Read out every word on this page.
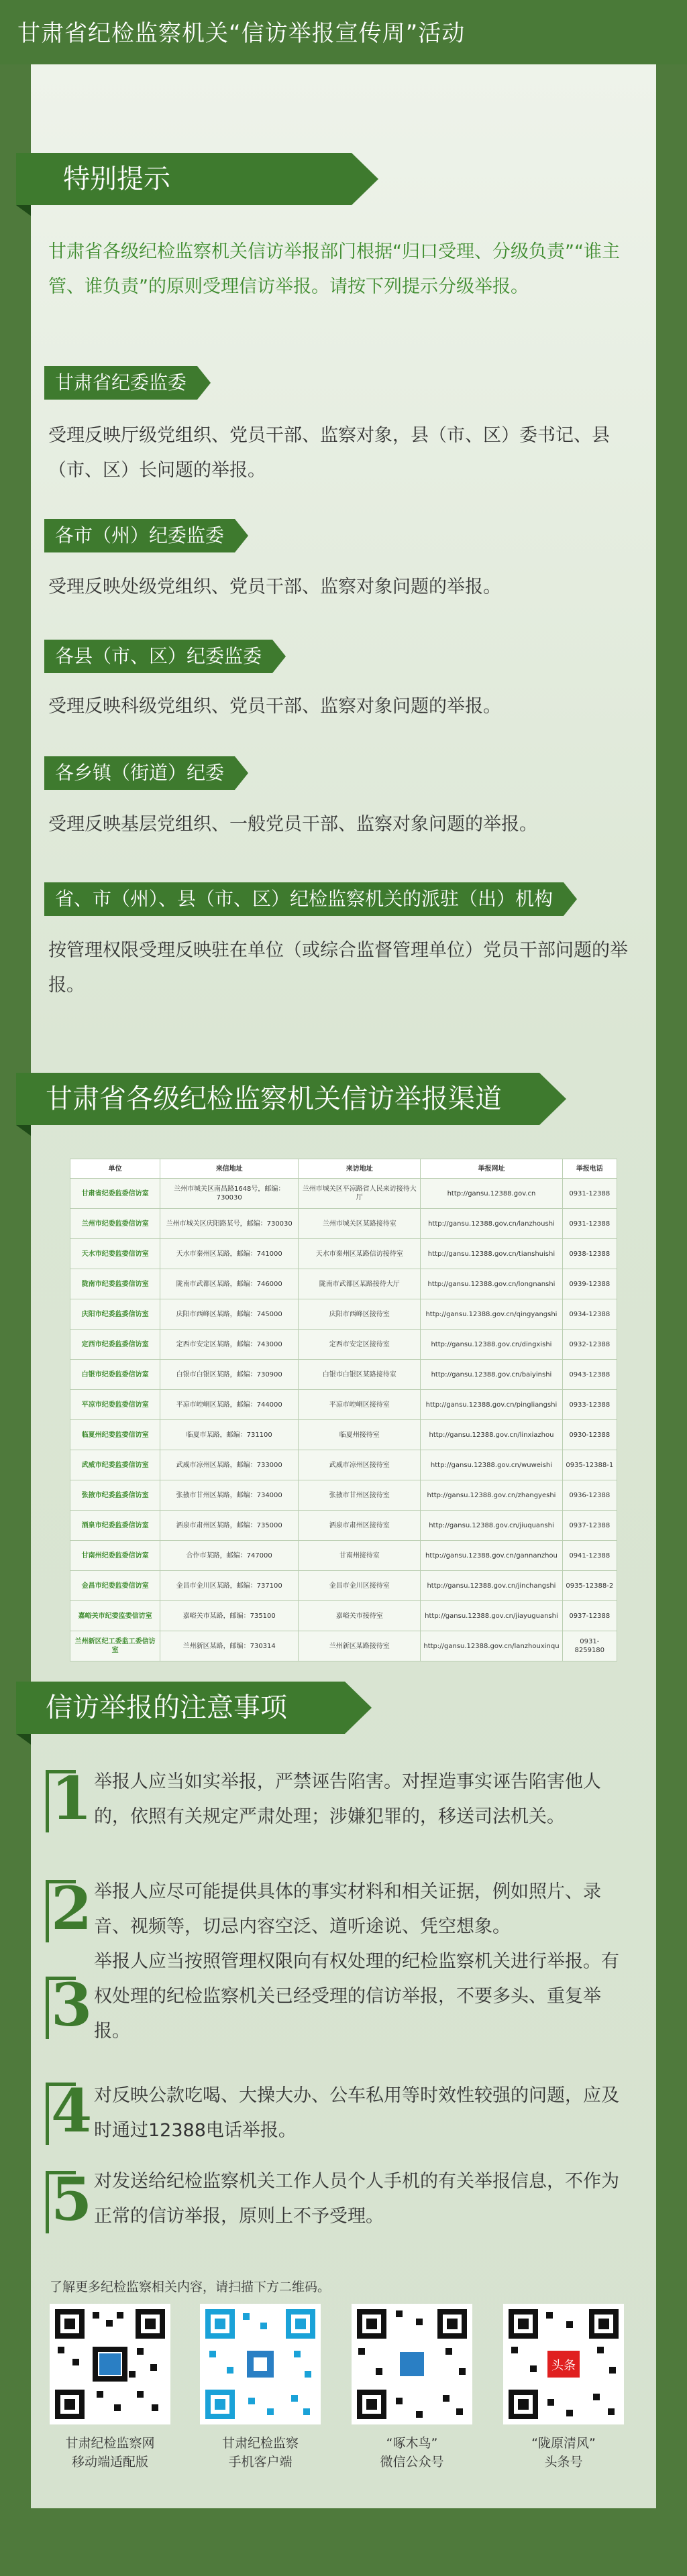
甘肃省纪检监察机关“信访举报宣传周”活动
特别提示
甘肃省各级纪检监察机关信访举报部门根据“归口受理、分级负责”“谁主管、谁负责”的原则受理信访举报。请按下列提示分级举报。
甘肃省纪委监委
受理反映厅级党组织、党员干部、监察对象，县（市、区）委书记、县（市、区）长问题的举报。
各市（州）纪委监委
受理反映处级党组织、党员干部、监察对象问题的举报。
各县（市、区）纪委监委
受理反映科级党组织、党员干部、监察对象问题的举报。
各乡镇（街道）纪委
受理反映基层党组织、一般党员干部、监察对象问题的举报。
省、市（州）、县（市、区）纪检监察机关的派驻（出）机构
按管理权限受理反映驻在单位（或综合监督管理单位）党员干部问题的举报。
甘肃省各级纪检监察机关信访举报渠道
单位	来信地址	来访地址	举报网址	举报电话
甘肃省纪委监委信访室	兰州市城关区南昌路1648号，邮编：730030	兰州市城关区平凉路省人民来访接待大厅	http://gansu.12388.gov.cn	0931-12388
兰州市纪委监委信访室	兰州市城关区庆阳路某号，邮编：730030	兰州市城关区某路接待室	http://gansu.12388.gov.cn/lanzhoushi	0931-12388
天水市纪委监委信访室	天水市秦州区某路，邮编：741000	天水市秦州区某路信访接待室	http://gansu.12388.gov.cn/tianshuishi	0938-12388
陇南市纪委监委信访室	陇南市武都区某路，邮编：746000	陇南市武都区某路接待大厅	http://gansu.12388.gov.cn/longnanshi	0939-12388
庆阳市纪委监委信访室	庆阳市西峰区某路，邮编：745000	庆阳市西峰区接待室	http://gansu.12388.gov.cn/qingyangshi	0934-12388
定西市纪委监委信访室	定西市安定区某路，邮编：743000	定西市安定区接待室	http://gansu.12388.gov.cn/dingxishi	0932-12388
白银市纪委监委信访室	白银市白银区某路，邮编：730900	白银市白银区某路接待室	http://gansu.12388.gov.cn/baiyinshi	0943-12388
平凉市纪委监委信访室	平凉市崆峒区某路，邮编：744000	平凉市崆峒区接待室	http://gansu.12388.gov.cn/pingliangshi	0933-12388
临夏州纪委监委信访室	临夏市某路，邮编：731100	临夏州接待室	http://gansu.12388.gov.cn/linxiazhou	0930-12388
武威市纪委监委信访室	武威市凉州区某路，邮编：733000	武威市凉州区接待室	http://gansu.12388.gov.cn/wuweishi	0935-12388-1
张掖市纪委监委信访室	张掖市甘州区某路，邮编：734000	张掖市甘州区接待室	http://gansu.12388.gov.cn/zhangyeshi	0936-12388
酒泉市纪委监委信访室	酒泉市肃州区某路，邮编：735000	酒泉市肃州区接待室	http://gansu.12388.gov.cn/jiuquanshi	0937-12388
甘南州纪委监委信访室	合作市某路，邮编：747000	甘南州接待室	http://gansu.12388.gov.cn/gannanzhou	0941-12388
金昌市纪委监委信访室	金昌市金川区某路，邮编：737100	金昌市金川区接待室	http://gansu.12388.gov.cn/jinchangshi	0935-12388-2
嘉峪关市纪委监委信访室	嘉峪关市某路，邮编：735100	嘉峪关市接待室	http://gansu.12388.gov.cn/jiayuguanshi	0937-12388
兰州新区纪工委监工委信访室	兰州新区某路，邮编：730314	兰州新区某路接待室	http://gansu.12388.gov.cn/lanzhouxinqu	0931-8259180
信访举报的注意事项
1 举报人应当如实举报，严禁诬告陷害。对捏造事实诬告陷害他人的，依照有关规定严肃处理；涉嫌犯罪的，移送司法机关。
2 举报人应尽可能提供具体的事实材料和相关证据，例如照片、录音、视频等，切忌内容空泛、道听途说、凭空想象。
3
举报人应当按照管理权限向有权处理的纪检监察机关进行举报。有权处理的纪检监察机关已经受理的信访举报，不要多头、重复举报。
4 对反映公款吃喝、大操大办、公车私用等时效性较强的问题，应及时通过12388电话举报。
5 对发送给纪检监察机关工作人员个人手机的有关举报信息，不作为正常的信访举报，原则上不予受理。
了解更多纪检监察相关内容，请扫描下方二维码。
头条
甘肃纪检监察网
移动端适配版
甘肃纪检监察
手机客户端
“啄木鸟”
微信公众号
“陇原清风”
头条号
